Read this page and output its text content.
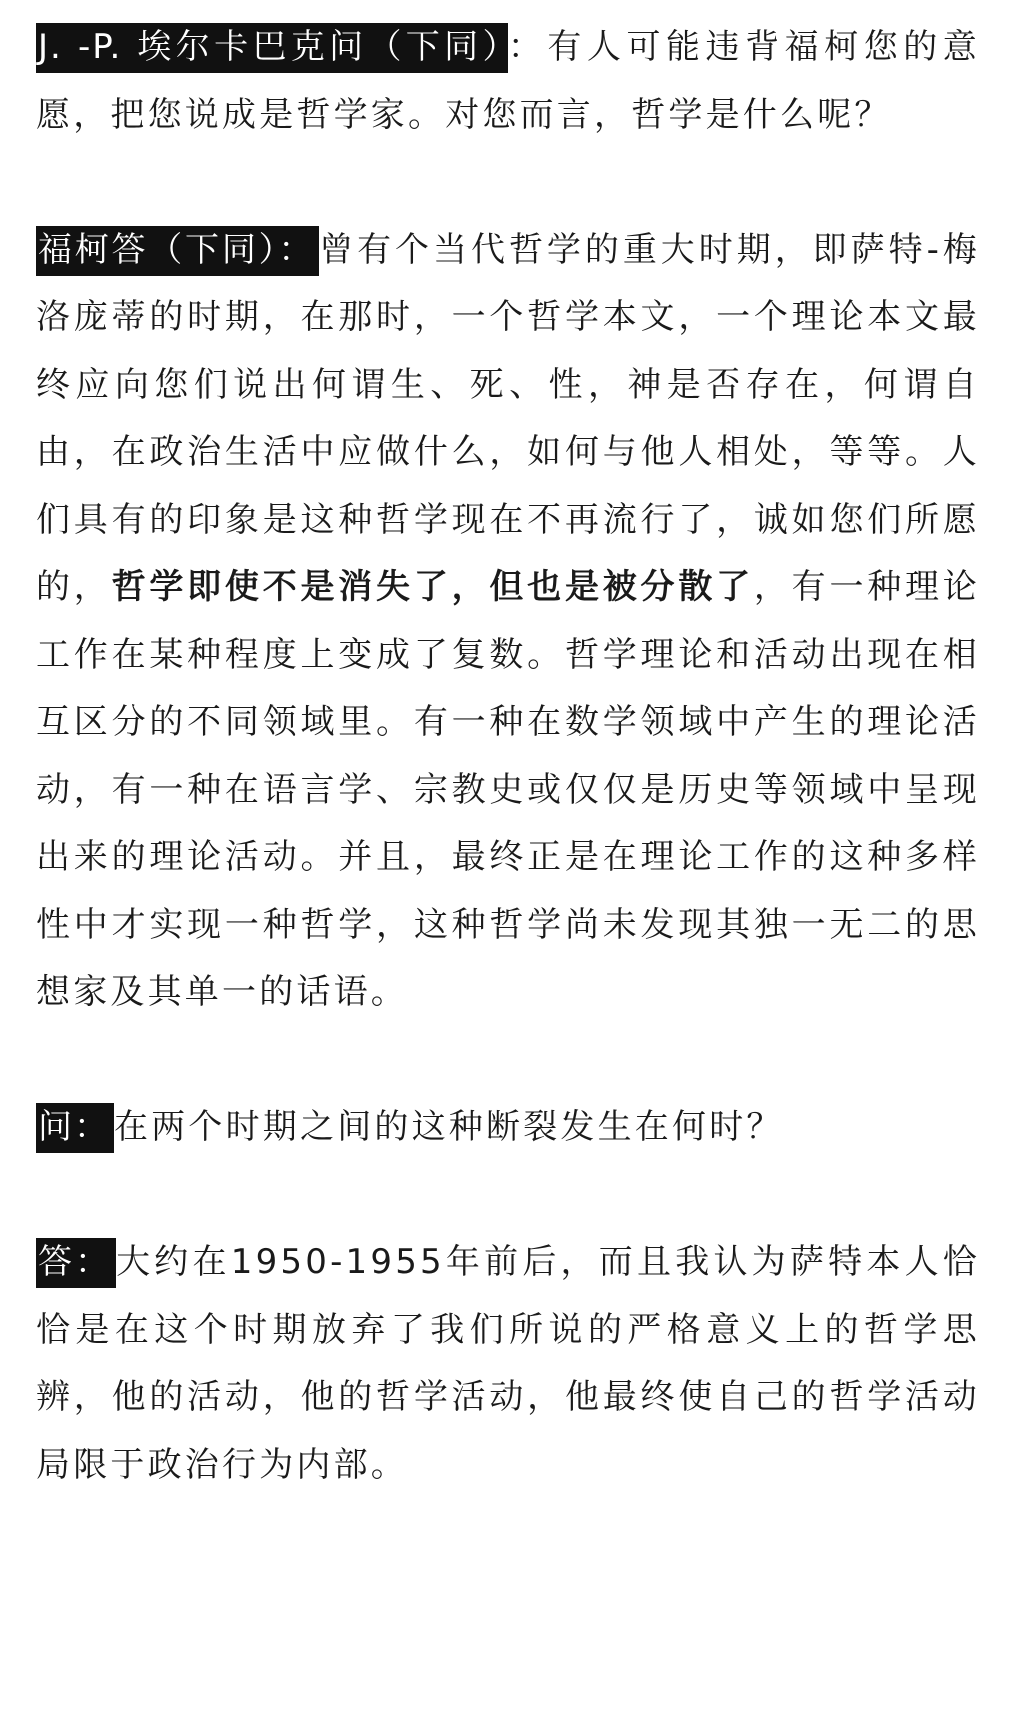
J. -P. 埃尔卡巴克问（下同） ：有人可能违背福柯您的意愿，把您说成是哲学家。对您而言，哲学是什么呢？

福柯答（下同）： 曾有个当代哲学的重大时期，即萨特-梅洛庞蒂的时期，在那时，一个哲学本文，一个理论本文最终应向您们说出何谓生、死、性，神是否存在，何谓自由，在政治生活中应做什么，如何与他人相处，等等。人们具有的印象是这种哲学现在不再流行了，诚如您们所愿的，哲学即使不是消失了，但也是被分散了，有一种理论工作在某种程度上变成了复数。哲学理论和活动出现在相互区分的不同领域里。有一种在数学领域中产生的理论活动，有一种在语言学、宗教史或仅仅是历史等领域中呈现出来的理论活动。并且，最终正是在理论工作的这种多样性中才实现一种哲学，这种哲学尚未发现其独一无二的思想家及其单一的话语。

问： 在两个时期之间的这种断裂发生在何时？

答： 大约在1950-1955年前后，而且我认为萨特本人恰恰是在这个时期放弃了我们所说的严格意义上的哲学思辨，他的活动，他的哲学活动，他最终使自己的哲学活动局限于政治行为内部。
